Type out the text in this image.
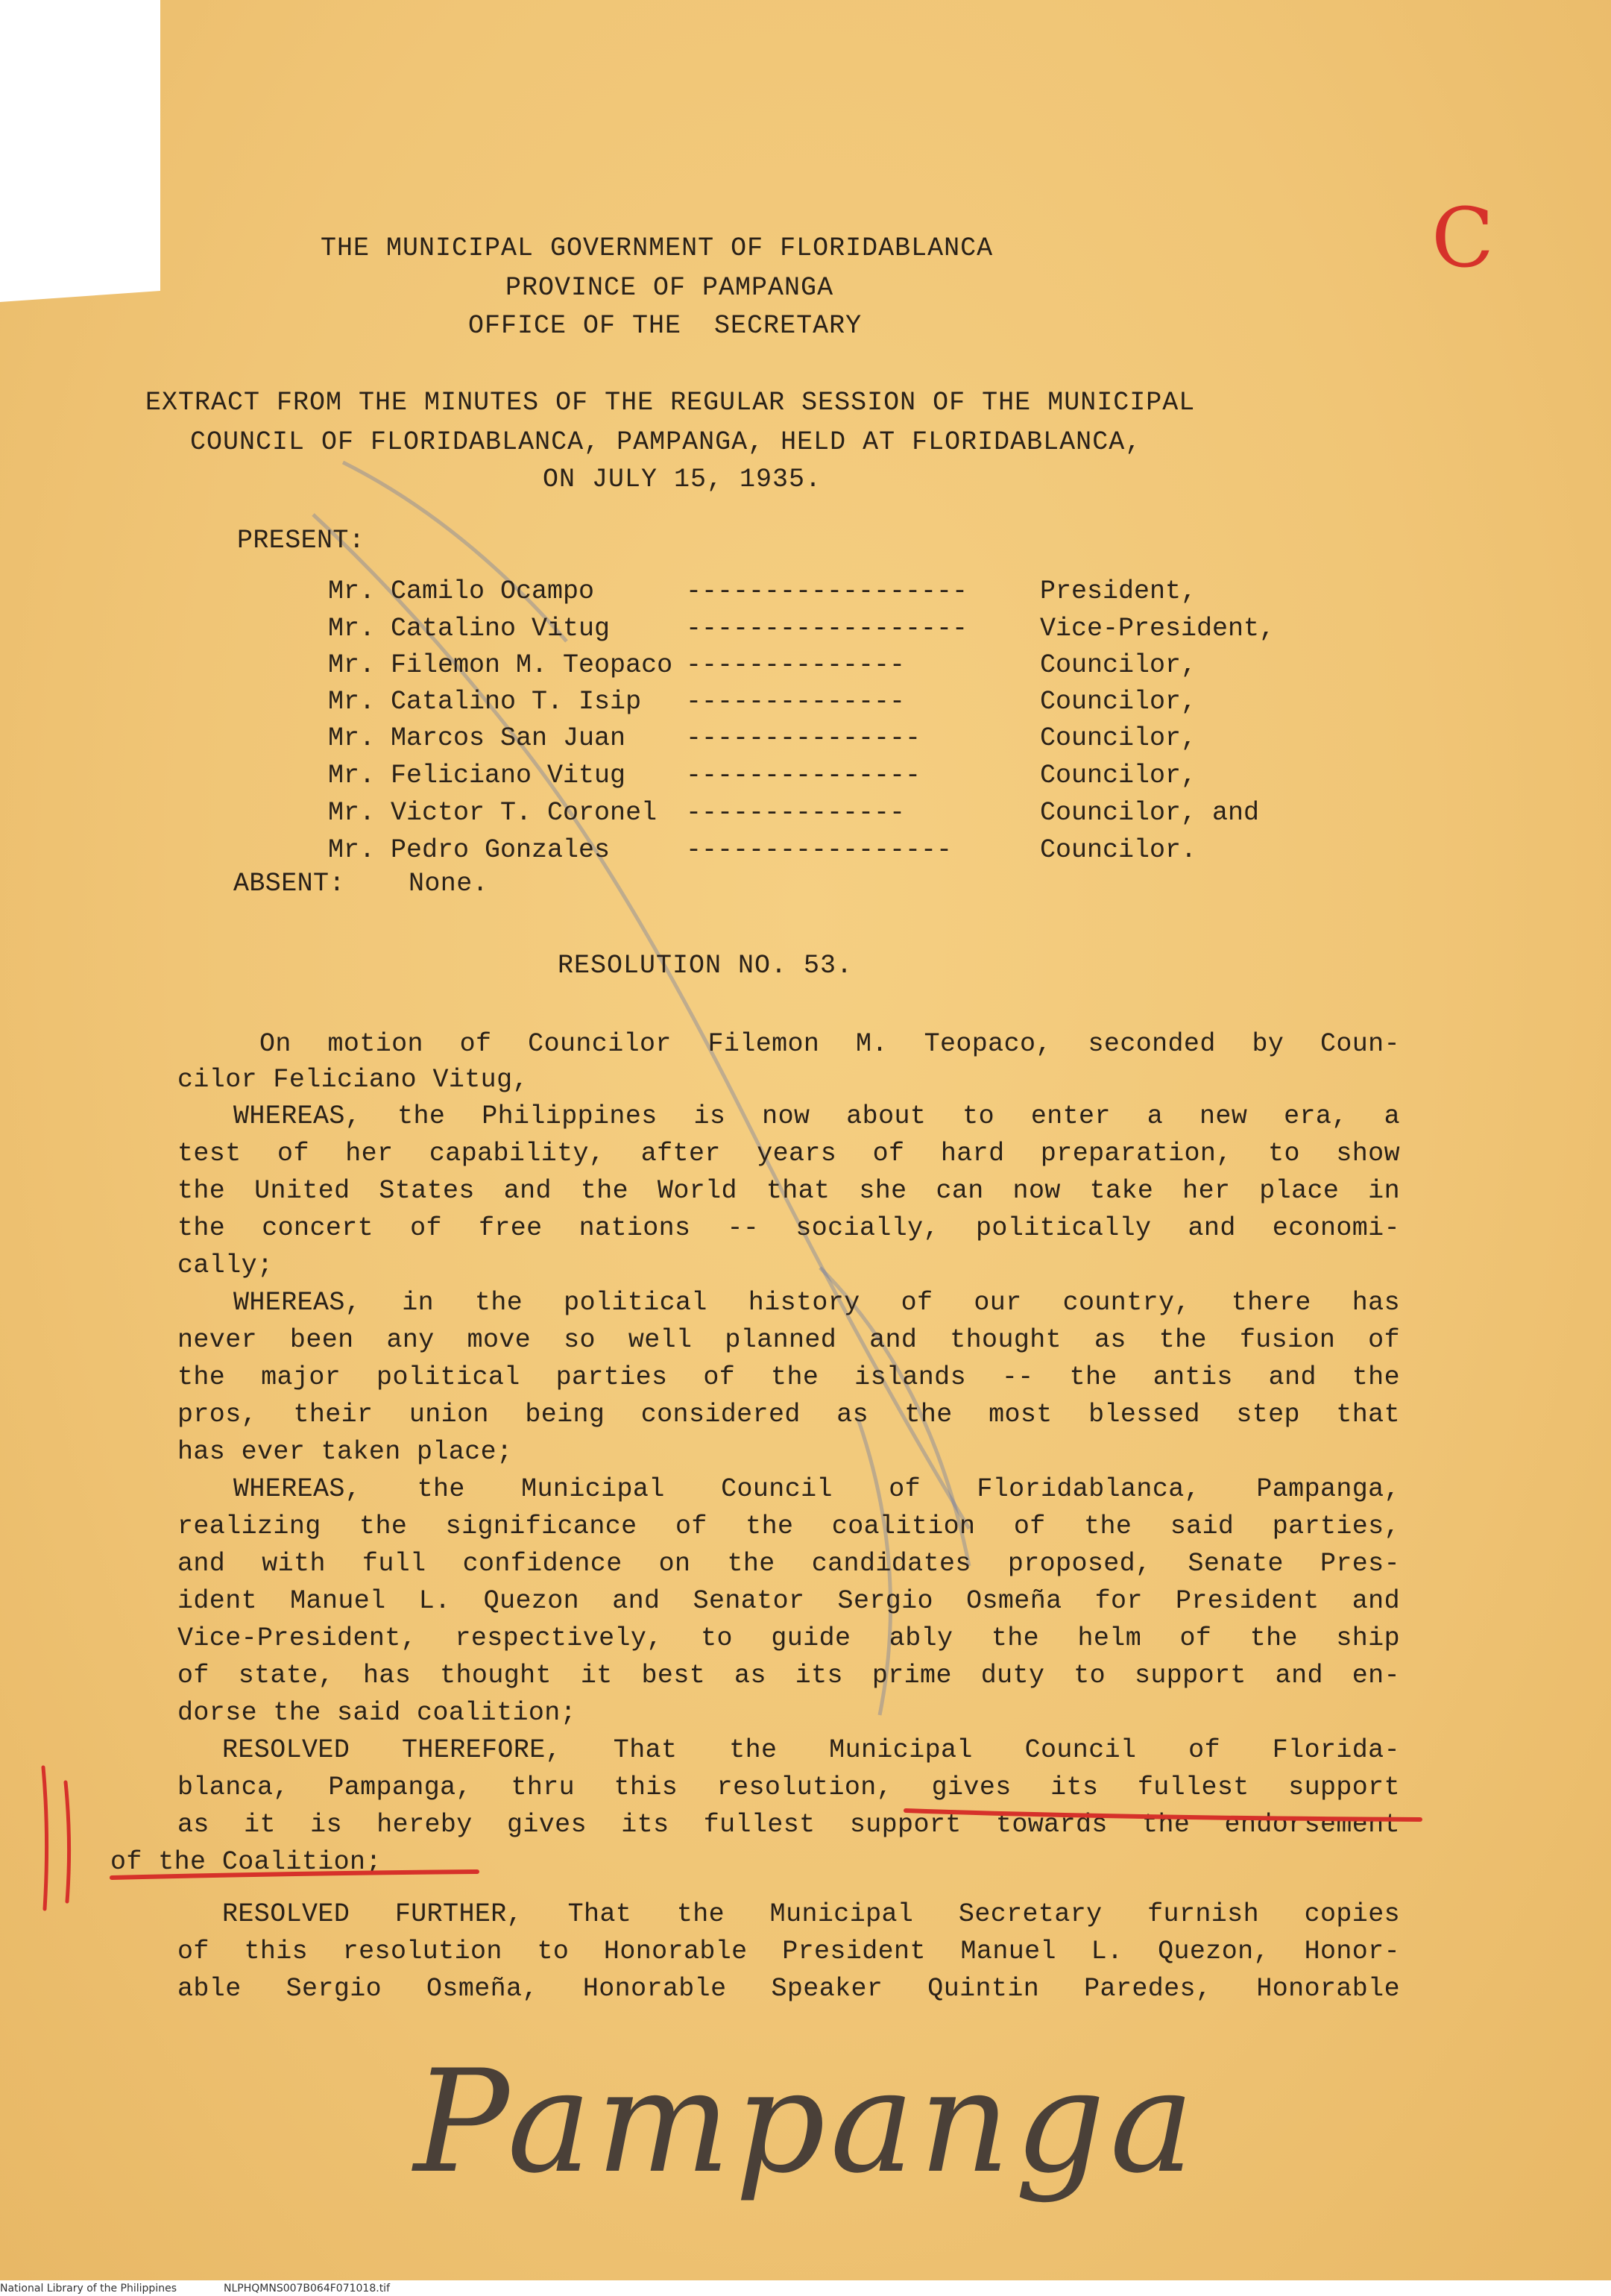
THE MUNICIPAL GOVERNMENT OF FLORIDABLANCA
PROVINCE OF PAMPANGA
OFFICE OF THE  SECRETARY
C
EXTRACT FROM THE MINUTES OF THE REGULAR SESSION OF THE MUNICIPAL
COUNCIL OF FLORIDABLANCA, PAMPANGA, HELD AT FLORIDABLANCA,
ON JULY 15, 1935.
PRESENT:
Mr. Camilo Ocampo	------------------	President,
Mr. Catalino Vitug	------------------	Vice-President,
Mr. Filemon M. Teopaco --------------	Councilor,
Mr. Catalino T. Isip --------------	Councilor,
Mr. Marcos San Juan ---------------	Councilor,
Mr. Feliciano Vitug ---------------	Councilor,
Mr. Victor T. Coronel --------------	Councilor, and
Mr. Pedro Gonzales	-----------------	Councilor.
ABSENT: None.
RESOLUTION NO. 53.
On motion of Councilor Filemon M. Teopaco, seconded by Coun-
cilor Feliciano Vitug,
WHEREAS, the Philippines is now about to enter a new era, a
test of her capability, after years of hard preparation, to show
the United States and the World that she can now take her place in
the concert of free nations -- socially, politically and economi-
cally;
WHEREAS, in the political history of our country, there has
never been any move so well planned and thought as the fusion of
the major political parties of the islands -- the antis and the
pros, their union being considered as the most blessed step that
has ever taken place;
WHEREAS, the Municipal Council of Floridablanca, Pampanga,
realizing the significance of the coalition of the said parties,
and with full confidence on the candidates proposed, Senate Pres-
ident Manuel L. Quezon and Senator Sergio Osmeña for President and
Vice-President, respectively, to guide ably the helm of the ship
of state, has thought it best as its prime duty to support and en-
dorse the said coalition;
RESOLVED THEREFORE, That the Municipal Council of Florida-
blanca, Pampanga, thru this resolution, gives its fullest support
as it is hereby gives its fullest support towards the endorsement
of the Coalition;
RESOLVED FURTHER, That the Municipal Secretary furnish copies
of this resolution to Honorable President Manuel L. Quezon, Honor-
able Sergio Osmeña, Honorable Speaker Quintin Paredes, Honorable
Pampanga
National Library of the Philippines	NLPHQMNS007B064F071018.tif
